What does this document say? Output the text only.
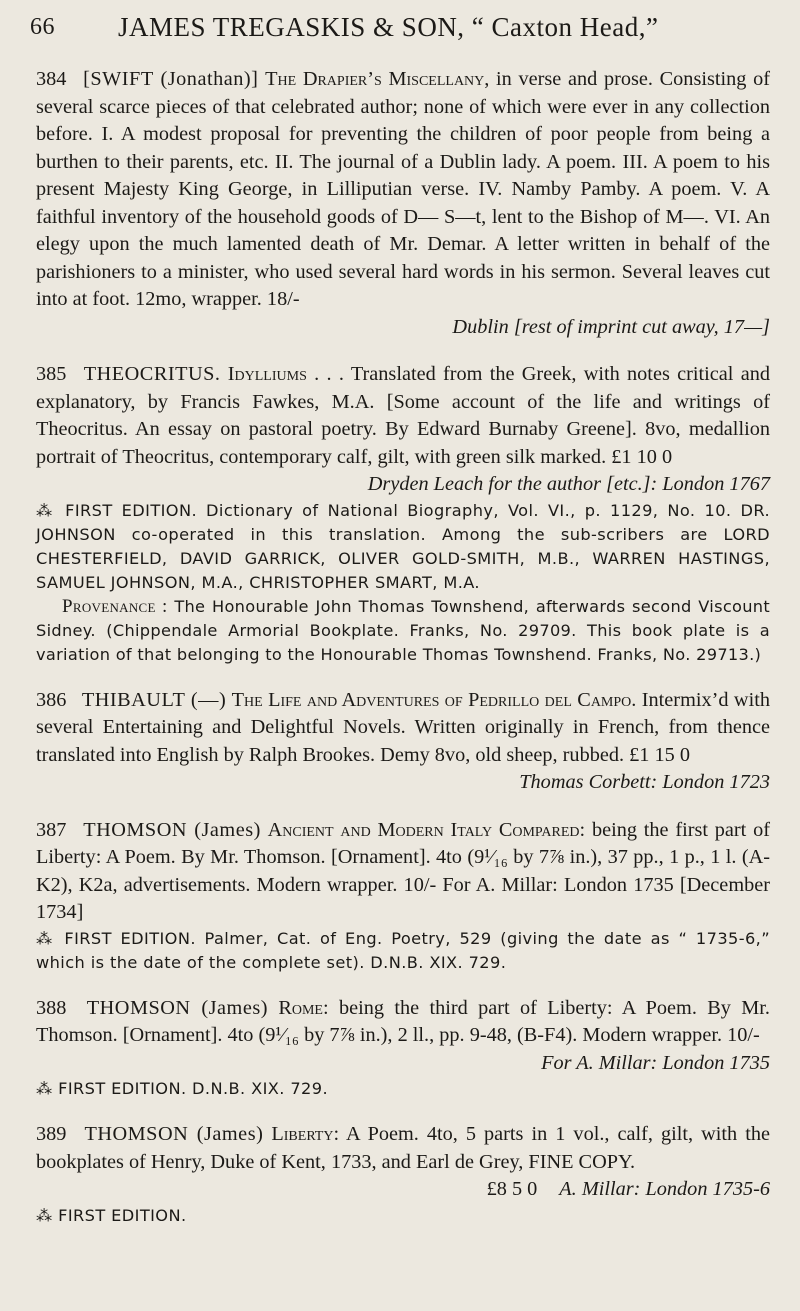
66 JAMES TREGASKIS & SON, “ Caxton Head,”

384 [SWIFT (Jonathan)] The Drapier’s Miscellany, in verse and prose. Consisting of several scarce pieces of that celebrated author; none of which were ever in any collection before. I. A modest proposal for preventing the children of poor people from being a burthen to their parents, etc. II. The journal of a Dublin lady. A poem. III. A poem to his present Majesty King George, in Lilliputian verse. IV. Namby Pamby. A poem. V. A faithful inventory of the household goods of D— S—t, lent to the Bishop of M—. VI. An elegy upon the much lamented death of Mr. Demar. A letter written in behalf of the parishioners to a minister, who used several hard words in his sermon. Several leaves cut into at foot. 12mo, wrapper. 18/-

Dublin [rest of imprint cut away, 17—]

385 THEOCRITUS. Idylliums . . . Translated from the Greek, with notes critical and explanatory, by Francis Fawkes, M.A. [Some account of the life and writings of Theocritus. An essay on pastoral poetry. By Edward Burnaby Greene]. 8vo, medallion portrait of Theocritus, contemporary calf, gilt, with green silk marked. £1 10 0

Dryden Leach for the author [etc.]: London 1767

⁂ FIRST EDITION. Dictionary of National Biography, Vol. VI., p. 1129, No. 10. DR. JOHNSON co-operated in this translation. Among the sub-scribers are LORD CHESTERFIELD, DAVID GARRICK, OLIVER GOLD-SMITH, M.B., WARREN HASTINGS, SAMUEL JOHNSON, M.A., CHRISTOPHER SMART, M.A.

Provenance : The Honourable John Thomas Townshend, afterwards second Viscount Sidney. (Chippendale Armorial Bookplate. Franks, No. 29709. This book plate is a variation of that belonging to the Honourable Thomas Townshend. Franks, No. 29713.)

386 THIBAULT (—) The Life and Adventures of Pedrillo del Campo. Intermix’d with several Entertaining and Delightful Novels. Written originally in French, from thence translated into English by Ralph Brookes. Demy 8vo, old sheep, rubbed. £1 15 0

Thomas Corbett: London 1723

387 THOMSON (James) Ancient and Modern Italy Compared: being the first part of Liberty: A Poem. By Mr. Thomson. [Ornament]. 4to (9¹⁄₁₆ by 7⅞ in.), 37 pp., 1 p., 1 l. (A-K2), K2a, advertisements. Modern wrapper. 10/- For A. Millar: London 1735 [December 1734]

⁂ FIRST EDITION. Palmer, Cat. of Eng. Poetry, 529 (giving the date as “ 1735-6,” which is the date of the complete set). D.N.B. XIX. 729.

388 THOMSON (James) Rome: being the third part of Liberty: A Poem. By Mr. Thomson. [Ornament]. 4to (9¹⁄₁₆ by 7⅞ in.), 2 ll., pp. 9-48, (B-F4). Modern wrapper. 10/-

For A. Millar: London 1735

⁂ FIRST EDITION. D.N.B. XIX. 729.

389 THOMSON (James) Liberty: A Poem. 4to, 5 parts in 1 vol., calf, gilt, with the bookplates of Henry, Duke of Kent, 1733, and Earl de Grey, FINE COPY.

£8 5 0 A. Millar: London 1735-6

⁂ FIRST EDITION.
